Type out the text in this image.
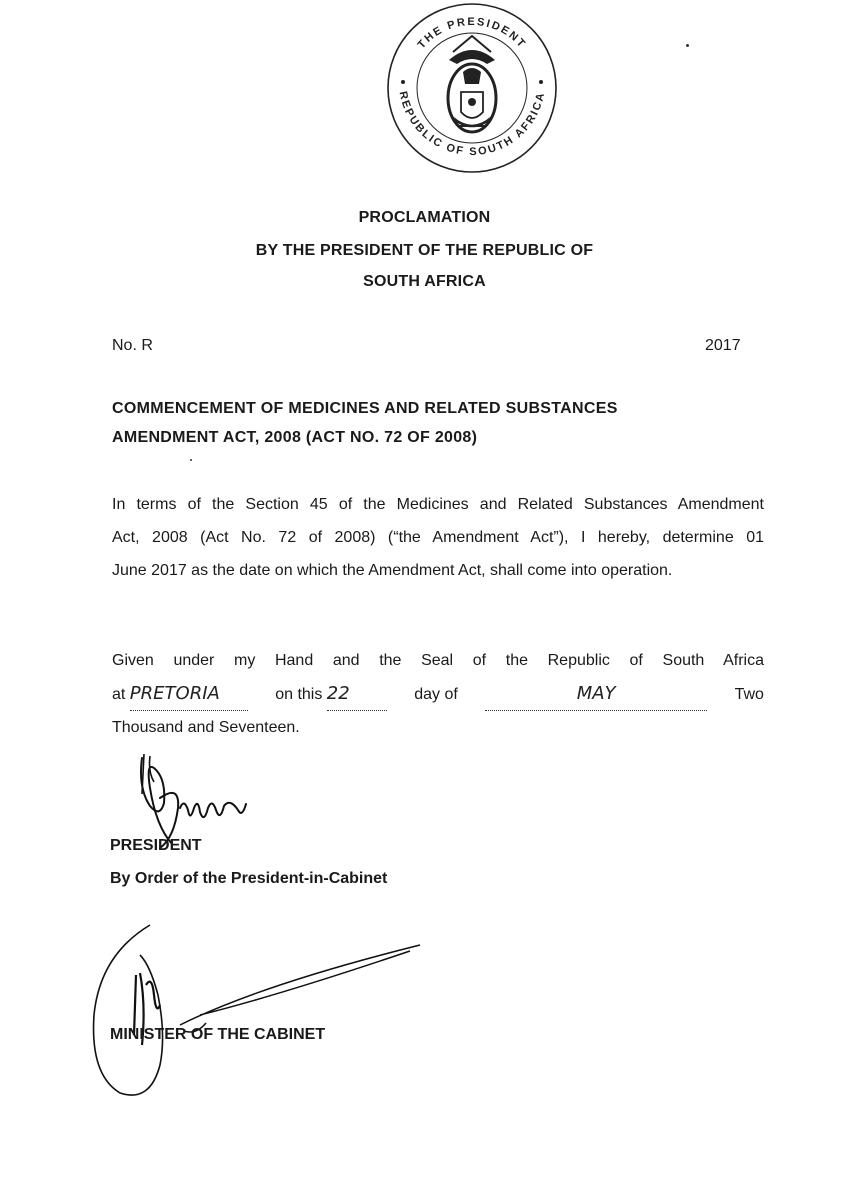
THE PRESIDENT
REPUBLIC OF SOUTH AFRICA
PROCLAMATION
BY THE PRESIDENT OF THE REPUBLIC OF
SOUTH AFRICA
No. R	2017
COMMENCEMENT OF MEDICINES AND RELATED SUBSTANCES
AMENDMENT ACT, 2008 (ACT NO. 72 OF 2008)
In terms of the Section 45 of the Medicines and Related Substances Amendment
Act, 2008 (Act No. 72 of 2008) (“the Amendment Act”), I hereby, determine 01
June 2017 as the date on which the Amendment Act, shall come into operation.
Given under my Hand and the Seal of the Republic of South Africa
at PRETORIA	on this 22	day of	MAY	Two
Thousand and Seventeen.
PRESIDENT
By Order of the President-in-Cabinet
MINISTER OF THE CABINET
